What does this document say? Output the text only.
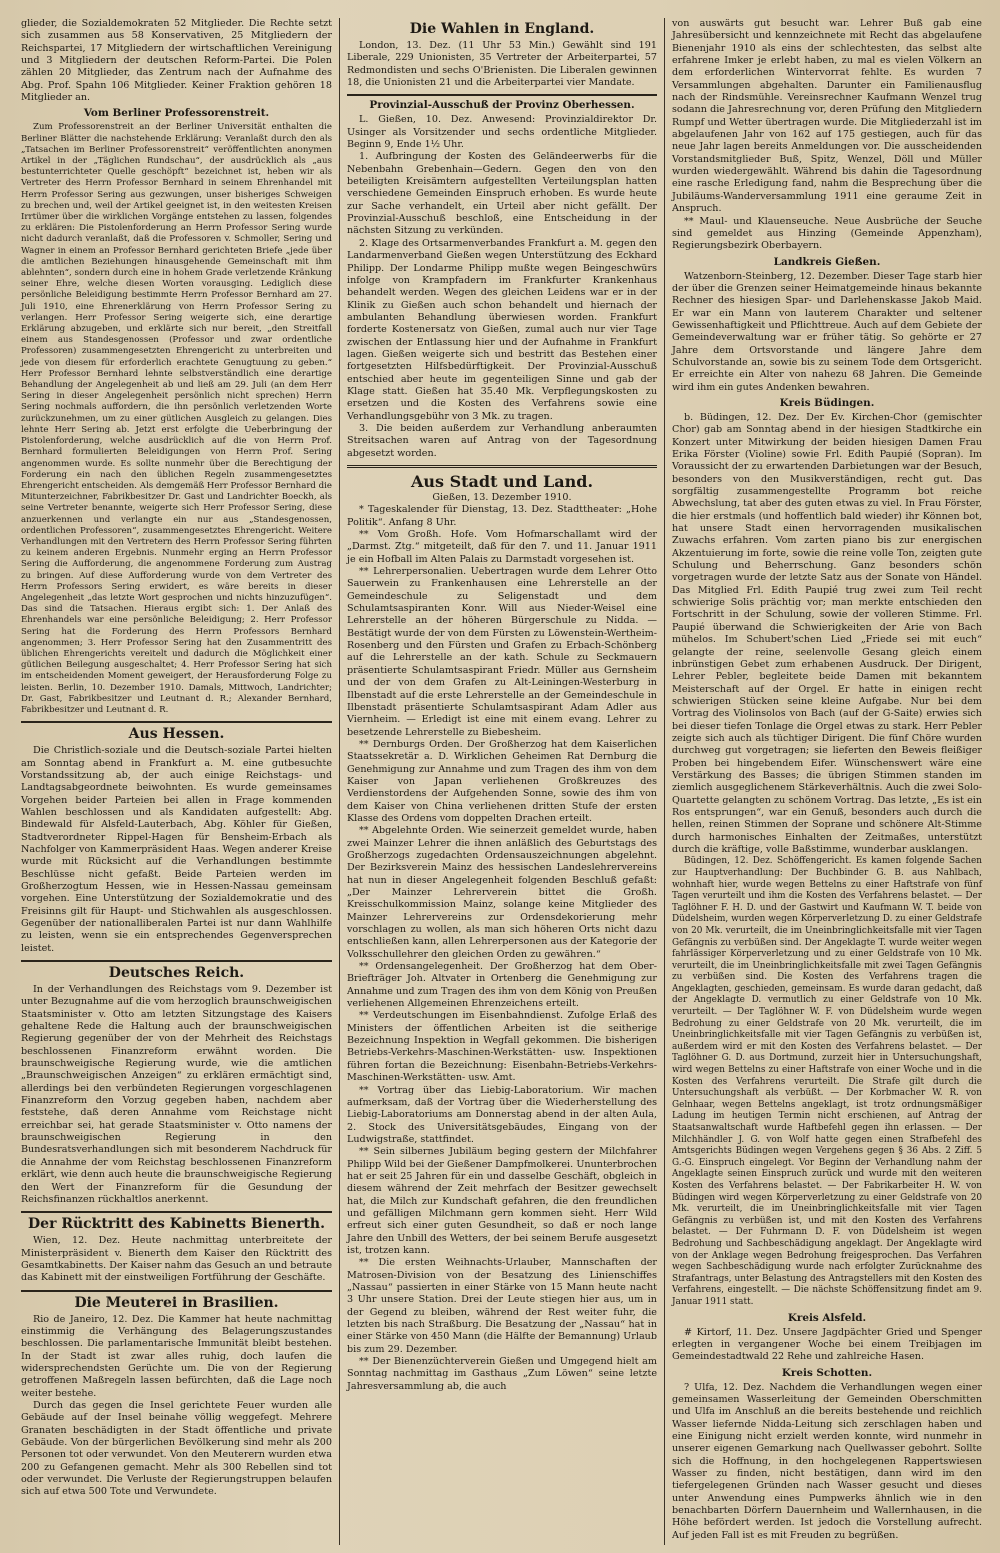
glieder, die Sozialdemokraten 52 Mitglieder. Die Rechte setzt sich zusammen aus 58 Konservativen, 25 Mitgliedern der Reichspartei, 17 Mitgliedern der wirtschaftlichen Vereinigung und 3 Mitgliedern der deutschen Reform-Partei. Die Polen zählen 20 Mitglieder, das Zentrum nach der Aufnahme des Abg. Prof. Spahn 106 Mitglieder. Keiner Fraktion gehören 18 Mitglieder an.

Vom Berliner Professorenstreit.

Zum Professorenstreit an der Berliner Universität enthalten die Berliner Blätter die nachstehende Erklärung: Veranlaßt durch den als „Tatsachen im Berliner Professorenstreit“ veröffentlichten anonymen Artikel in der „Täglichen Rundschau“, der ausdrücklich als „aus bestunterrichteter Quelle geschöpft“ bezeichnet ist, heben wir als Vertreter des Herrn Professor Bernhard in seinem Ehrenhandel mit Herrn Professor Sering aus gezwungen, unser bisheriges Schweigen zu brechen und, weil der Artikel geeignet ist, in den weitesten Kreisen Irrtümer über die wirklichen Vorgänge entstehen zu lassen, folgendes zu erklären: Die Pistolenforderung an Herrn Professor Sering wurde nicht dadurch veranlaßt, daß die Professoren v. Schmoller, Sering und Wagner in einem an Professor Bernhard gerichteten Briefe „jede über die amtlichen Beziehungen hinausgehende Gemeinschaft mit ihm ablehnten“, sondern durch eine in hohem Grade verletzende Kränkung seiner Ehre, welche diesen Worten vorausging. Lediglich diese persönliche Beleidigung bestimmte Herrn Professor Bernhard am 27. Juli 1910, eine Ehrenerklärung von Herrn Professor Sering zu verlangen. Herr Professor Sering weigerte sich, eine derartige Erklärung abzugeben, und erklärte sich nur bereit, „den Streitfall einem aus Standesgenossen (Professor und zwar ordentliche Professoren) zusammengesetzten Ehrengericht zu unterbreiten und jede von diesem für erforderlich erachtete Genugtuung zu geben.“ Herr Professor Bernhard lehnte selbstverständlich eine derartige Behandlung der Angelegenheit ab und ließ am 29. Juli (an dem Herr Sering in dieser Angelegenheit persönlich nicht sprechen) Herrn Sering nochmals auffordern, die ihn persönlich verletzenden Worte zurückzunehmen, um zu einer gütlichen Ausgleich zu gelangen. Dies lehnte Herr Sering ab. Jetzt erst erfolgte die Ueberbringung der Pistolenforderung, welche ausdrücklich auf die von Herrn Prof. Bernhard formulierten Beleidigungen von Herrn Prof. Sering angenommen wurde. Es sollte nunmehr über die Berechtigung der Forderung ein nach den üblichen Regeln zusammengesetztes Ehrengericht entscheiden. Als demgemäß Herr Professor Bernhard die Mitunterzeichner, Fabrikbesitzer Dr. Gast und Landrichter Boeckh, als seine Vertreter benannte, weigerte sich Herr Professor Sering, diese anzuerkennen und verlangte ein nur aus „Standesgenossen, ordentlichen Professoren“, zusammengesetztes Ehrengericht. Weitere Verhandlungen mit den Vertretern des Herrn Professor Sering führten zu keinem anderen Ergebnis. Nunmehr erging an Herrn Professor Sering die Aufforderung, die angenommene Forderung zum Austrag zu bringen. Auf diese Aufforderung wurde von dem Vertreter des Herrn Professors Sering erwidert, es wäre bereits in dieser Angelegenheit „das letzte Wort gesprochen und nichts hinzuzufügen“. Das sind die Tatsachen. Hieraus ergibt sich: 1. Der Anlaß des Ehrenhandels war eine persönliche Beleidigung; 2. Herr Professor Sering hat die Forderung des Herrn Professors Bernhard angenommen; 3. Herr Professor Sering hat den Zusammentritt des üblichen Ehrengerichts vereitelt und dadurch die Möglichkeit einer gütlichen Beilegung ausgeschaltet; 4. Herr Professor Sering hat sich im entscheidenden Moment geweigert, der Herausforderung Folge zu leisten. Berlin, 10. Dezember 1910. Damals, Mittwoch, Landrichter; Dr. Gast, Fabrikbesitzer und Leutnant d. R.; Alexander Bernhard, Fabrikbesitzer und Leutnant d. R.

Aus Hessen.

Die Christlich-soziale und die Deutsch-soziale Partei hielten am Sonntag abend in Frankfurt a. M. eine gutbesuchte Vorstandssitzung ab, der auch einige Reichstags- und Landtagsabgeordnete beiwohnten. Es wurde gemeinsames Vorgehen beider Parteien bei allen in Frage kommenden Wahlen beschlossen und als Kandidaten aufgestellt: Abg. Bindewald für Alsfeld-Lauterbach, Abg. Köhler für Gießen, Stadtverordneter Rippel-Hagen für Bensheim-Erbach als Nachfolger von Kammerpräsident Haas. Wegen anderer Kreise wurde mit Rücksicht auf die Verhandlungen bestimmte Beschlüsse nicht gefaßt. Beide Parteien werden im Großherzogtum Hessen, wie in Hessen-Nassau gemeinsam vorgehen. Eine Unterstützung der Sozialdemokratie und des Freisinns gilt für Haupt- und Stichwahlen als ausgeschlossen. Gegenüber der nationalliberalen Partei ist nur dann Wahlhilfe zu leisten, wenn sie ein entsprechendes Gegenversprechen leistet.

Deutsches Reich.

In der Verhandlungen des Reichstags vom 9. Dezember ist unter Bezugnahme auf die vom herzoglich braunschweigischen Staatsminister v. Otto am letzten Sitzungstage des Kaisers gehaltene Rede die Haltung auch der braunschweigischen Regierung gegenüber der von der Mehrheit des Reichstags beschlossenen Finanzreform erwähnt worden. Die braunschweigische Regierung wurde, wie die amtlichen „Braunschweigischen Anzeigen“ zu erklären ermächtigt sind, allerdings bei den verbündeten Regierungen vorgeschlagenen Finanzreform den Vorzug gegeben haben, nachdem aber feststehe, daß deren Annahme vom Reichstage nicht erreichbar sei, hat gerade Staatsminister v. Otto namens der braunschweigischen Regierung in den Bundesratsverhandlungen sich mit besonderem Nachdruck für die Annahme der vom Reichstag beschlossenen Finanzreform erklärt, wie denn auch heute die braunschweigische Regierung den Wert der Finanzreform für die Gesundung der Reichsfinanzen rückhaltlos anerkennt.

Der Rücktritt des Kabinetts Bienerth.

Wien, 12. Dez. Heute nachmittag unterbreitete der Ministerpräsident v. Bienerth dem Kaiser den Rücktritt des Gesamtkabinetts. Der Kaiser nahm das Gesuch an und betraute das Kabinett mit der einstweiligen Fortführung der Geschäfte.

Die Meuterei in Brasilien.

Rio de Janeiro, 12. Dez. Die Kammer hat heute nachmittag einstimmig die Verhängung des Belagerungszustandes beschlossen. Die parlamentarische Immunität bleibt bestehen. In der Stadt ist zwar alles ruhig, doch laufen die widersprechendsten Gerüchte um. Die von der Regierung getroffenen Maßregeln lassen befürchten, daß die Lage noch weiter bestehe.

Durch das gegen die Insel gerichtete Feuer wurden alle Gebäude auf der Insel beinahe völlig weggefegt. Mehrere Granaten beschädigten in der Stadt öffentliche und private Gebäude. Von der bürgerlichen Bevölkerung sind mehr als 200 Personen tot oder verwundet. Von den Meuterern wurden etwa 200 zu Gefangenen gemacht. Mehr als 300 Rebellen sind tot oder verwundet. Die Verluste der Regierungstruppen belaufen sich auf etwa 500 Tote und Verwundete.

Die Wahlen in England.

London, 13. Dez. (11 Uhr 53 Min.) Gewählt sind 191 Liberale, 229 Unionisten, 35 Vertreter der Arbeiterpartei, 57 Redmondisten und sechs O'Brienisten. Die Liberalen gewinnen 18, die Unionisten 21 und die Arbeiterpartei vier Mandate.

Provinzial-Ausschuß der Provinz Oberhessen.

L. Gießen, 10. Dez. Anwesend: Provinzialdirektor Dr. Usinger als Vorsitzender und sechs ordentliche Mitglieder. Beginn 9, Ende 1½ Uhr.

1. Aufbringung der Kosten des Geländeerwerbs für die Nebenbahn Grebenhain—Gedern. Gegen den von den beteiligten Kreisämtern aufgestellten Verteilungsplan hatten verschiedene Gemeinden Einspruch erhoben. Es wurde heute zur Sache verhandelt, ein Urteil aber nicht gefällt. Der Provinzial-Ausschuß beschloß, eine Entscheidung in der nächsten Sitzung zu verkünden.

2. Klage des Ortsarmenverbandes Frankfurt a. M. gegen den Landarmenverband Gießen wegen Unterstützung des Eckhard Philipp. Der Londarme Philipp mußte wegen Beingeschwürs infolge von Krampfadern im Frankfurter Krankenhaus behandelt werden. Wegen des gleichen Leidens war er in der Klinik zu Gießen auch schon behandelt und hiernach der ambulanten Behandlung überwiesen worden. Frankfurt forderte Kostenersatz von Gießen, zumal auch nur vier Tage zwischen der Entlassung hier und der Aufnahme in Frankfurt lagen. Gießen weigerte sich und bestritt das Bestehen einer fortgesetzten Hilfsbedürftigkeit. Der Provinzial-Ausschuß entschied aber heute im gegenteiligen Sinne und gab der Klage statt. Gießen hat 35.40 Mk. Verpflegungskosten zu ersetzen und die Kosten des Verfahrens sowie eine Verhandlungsgebühr von 3 Mk. zu tragen.

3. Die beiden außerdem zur Verhandlung anberaumten Streitsachen waren auf Antrag von der Tagesordnung abgesetzt worden.

Aus Stadt und Land.

Gießen, 13. Dezember 1910.

* Tageskalender für Dienstag, 13. Dez. Stadttheater: „Hohe Politik“. Anfang 8 Uhr.

** Vom Großh. Hofe. Vom Hofmarschallamt wird der „Darmst. Ztg.“ mitgeteilt, daß für den 7. und 11. Januar 1911 je ein Hofball im Alten Palais zu Darmstadt vorgesehen ist.

** Lehrerpersonalien. Uebertragen wurde dem Lehrer Otto Sauerwein zu Frankenhausen eine Lehrerstelle an der Gemeindeschule zu Seligenstadt und dem Schulamtsaspiranten Konr. Will aus Nieder-Weisel eine Lehrerstelle an der höheren Bürgerschule zu Nidda. — Bestätigt wurde der von dem Fürsten zu Löwenstein-Wertheim-Rosenberg und den Fürsten und Grafen zu Erbach-Schönberg auf die Lehrerstelle an der kath. Schule zu Seckmauern präsentierte Schulamtsaspirant Friedr. Müller aus Gernsheim und der von dem Grafen zu Alt-Leiningen-Westerburg in Ilbenstadt auf die erste Lehrerstelle an der Gemeindeschule in Ilbenstadt präsentierte Schulamtsaspirant Adam Adler aus Viernheim. — Erledigt ist eine mit einem evang. Lehrer zu besetzende Lehrerstelle zu Biebesheim.

** Dernburgs Orden. Der Großherzog hat dem Kaiserlichen Staatssekretär a. D. Wirklichen Geheimen Rat Dernburg die Genehmigung zur Annahme und zum Tragen des ihm von dem Kaiser von Japan verliehenen Großkreuzes des Verdienstordens der Aufgehenden Sonne, sowie des ihm von dem Kaiser von China verliehenen dritten Stufe der ersten Klasse des Ordens vom doppelten Drachen erteilt.

** Abgelehnte Orden. Wie seinerzeit gemeldet wurde, haben zwei Mainzer Lehrer die ihnen anläßlich des Geburtstags des Großherzogs zugedachten Ordensauszeichnungen abgelehnt. Der Bezirksverein Mainz des hessischen Landeslehrervereins hat nun in dieser Angelegenheit folgenden Beschluß gefaßt: „Der Mainzer Lehrerverein bittet die Großh. Kreisschulkommission Mainz, solange keine Mitglieder des Mainzer Lehrervereins zur Ordensdekorierung mehr vorschlagen zu wollen, als man sich höheren Orts nicht dazu entschließen kann, allen Lehrerpersonen aus der Kategorie der Volksschullehrer den gleichen Orden zu gewähren.“

** Ordensangelegenheit. Der Großherzog hat dem Ober-Briefträger Joh. Altvater in Ortenberg die Genehmigung zur Annahme und zum Tragen des ihm von dem König von Preußen verliehenen Allgemeinen Ehrenzeichens erteilt.

** Verdeutschungen im Eisenbahndienst. Zufolge Erlaß des Ministers der öffentlichen Arbeiten ist die seitherige Bezeichnung Inspektion in Wegfall gekommen. Die bisherigen Betriebs-Verkehrs-Maschinen-Werkstätten- usw. Inspektionen führen fortan die Bezeichnung: Eisenbahn-Betriebs-Verkehrs-Maschinen-Werkstätten- usw. Amt.

** Vortrag über das Liebig-Laboratorium. Wir machen aufmerksam, daß der Vortrag über die Wiederherstellung des Liebig-Laboratoriums am Donnerstag abend in der alten Aula, 2. Stock des Universitätsgebäudes, Eingang von der Ludwigstraße, stattfindet.

** Sein silbernes Jubiläum beging gestern der Milchfahrer Philipp Wild bei der Gießener Dampfmolkerei. Ununterbrochen hat er seit 25 Jahren für ein und dasselbe Geschäft, obgleich in diesem während der Zeit mehrfach der Besitzer gewechselt hat, die Milch zur Kundschaft gefahren, die den freundlichen und gefälligen Milchmann gern kommen sieht. Herr Wild erfreut sich einer guten Gesundheit, so daß er noch lange Jahre den Unbill des Wetters, der bei seinem Berufe ausgesetzt ist, trotzen kann.

** Die ersten Weihnachts-Urlauber, Mannschaften der Matrosen-Division von der Besatzung des Linienschiffes „Nassau“ passierten in einer Stärke von 15 Mann heute nacht 3 Uhr unsere Station. Drei der Leute stiegen hier aus, um in der Gegend zu bleiben, während der Rest weiter fuhr, die letzten bis nach Straßburg. Die Besatzung der „Nassau“ hat in einer Stärke von 450 Mann (die Hälfte der Bemannung) Urlaub bis zum 29. Dezember.

** Der Bienenzüchterverein Gießen und Umgegend hielt am Sonntag nachmittag im Gasthaus „Zum Löwen“ seine letzte Jahresversammlung ab, die auch

von auswärts gut besucht war. Lehrer Buß gab eine Jahresübersicht und kennzeichnete mit Recht das abgelaufene Bienenjahr 1910 als eins der schlechtesten, das selbst alte erfahrene Imker je erlebt haben, zu mal es vielen Völkern an dem erforderlichen Wintervorrat fehlte. Es wurden 7 Versammlungen abgehalten. Darunter ein Familienausflug nach der Rindsmühle. Vereinsrechner Kaufmann Wenzel trug sodann die Jahresrechnung vor, deren Prüfung den Mitgliedern Rumpf und Wetter übertragen wurde. Die Mitgliederzahl ist im abgelaufenen Jahr von 162 auf 175 gestiegen, auch für das neue Jahr lagen bereits Anmeldungen vor. Die ausscheidenden Vorstandsmitglieder Buß, Spitz, Wenzel, Döll und Müller wurden wiedergewählt. Während bis dahin die Tagesordnung eine rasche Erledigung fand, nahm die Besprechung über die Jubiläums-Wanderversammlung 1911 eine geraume Zeit in Anspruch.

** Maul- und Klauenseuche. Neue Ausbrüche der Seuche sind gemeldet aus Hinzing (Gemeinde Appenzham), Regierungsbezirk Oberbayern.

Landkreis Gießen.

Watzenborn-Steinberg, 12. Dezember. Dieser Tage starb hier der über die Grenzen seiner Heimatgemeinde hinaus bekannte Rechner des hiesigen Spar- und Darlehenskasse Jakob Maid. Er war ein Mann von lauterem Charakter und seltener Gewissenhaftigkeit und Pflichttreue. Auch auf dem Gebiete der Gemeindeverwaltung war er früher tätig. So gehörte er 27 Jahre dem Ortsvorstande und längere Jahre dem Schulvorstande an, sowie bis zu seinem Tode dem Ortsgericht. Er erreichte ein Alter von nahezu 68 Jahren. Die Gemeinde wird ihm ein gutes Andenken bewahren.

Kreis Büdingen.

b. Büdingen, 12. Dez. Der Ev. Kirchen-Chor (gemischter Chor) gab am Sonntag abend in der hiesigen Stadtkirche ein Konzert unter Mitwirkung der beiden hiesigen Damen Frau Erika Förster (Violine) sowie Frl. Edith Paupié (Sopran). Im Voraussicht der zu erwartenden Darbietungen war der Besuch, besonders von den Musikverständigen, recht gut. Das sorgfältig zusammengestellte Programm bot reiche Abwechslung, tat aber des guten etwas zu viel. In Frau Förster, die hier erstmals (und hoffentlich bald wieder) ihr Können bot, hat unsere Stadt einen hervorragenden musikalischen Zuwachs erfahren. Vom zarten piano bis zur energischen Akzentuierung im forte, sowie die reine volle Ton, zeigten gute Schulung und Beherrschung. Ganz besonders schön vorgetragen wurde der letzte Satz aus der Sonate von Händel. Das Mitglied Frl. Edith Paupié trug zwei zum Teil recht schwierige Solis prächtig vor; man merkte entschieden den Fortschritt in der Schulung, sowie der volleren Stimme. Frl. Paupié überwand die Schwierigkeiten der Arie von Bach mühelos. Im Schubert'schen Lied „Friede sei mit euch“ gelangte der reine, seelenvolle Gesang gleich einem inbrünstigen Gebet zum erhabenen Ausdruck. Der Dirigent, Lehrer Pebler, begleitete beide Damen mit bekanntem Meisterschaft auf der Orgel. Er hatte in einigen recht schwierigen Stücken seine kleine Aufgabe. Nur bei dem Vortrag des Violinsolos von Bach (auf der G-Saite) erwies sich bei dieser tiefen Tonlage die Orgel etwas zu stark. Herr Pebler zeigte sich auch als tüchtiger Dirigent. Die fünf Chöre wurden durchweg gut vorgetragen; sie lieferten den Beweis fleißiger Proben bei hingebendem Eifer. Wünschenswert wäre eine Verstärkung des Basses; die übrigen Stimmen standen im ziemlich ausgeglichenem Stärkeverhältnis. Auch die zwei Solo-Quartette gelangten zu schönem Vortrag. Das letzte, „Es ist ein Ros entsprungen“, war ein Genuß, besonders auch durch die hellen, reinen Stimmen der Soprane und schönere Alt-Stimme durch harmonisches Einhalten der Zeitmaßes, unterstützt durch die kräftige, volle Baßstimme, wunderbar ausklangen.

Büdingen, 12. Dez. Schöffengericht. Es kamen folgende Sachen zur Hauptverhandlung: Der Buchbinder G. B. aus Nahlbach, wohnhaft hier, wurde wegen Bettelns zu einer Haftstrafe von fünf Tagen verurteilt und ihm die Kosten des Verfahrens belastet. — Der Taglöhner F. H. D. und der Gastwirt und Kaufmann W. T. beide von Düdelsheim, wurden wegen Körperverletzung D. zu einer Geldstrafe von 20 Mk. verurteilt, die im Uneinbringlichkeitsfalle mit vier Tagen Gefängnis zu verbüßen sind. Der Angeklagte T. wurde weiter wegen fahrlässiger Körperverletzung und zu einer Geldstrafe von 10 Mk. verurteilt, die im Uneinbringlichkeitsfalle mit zwei Tagen Gefängnis zu verbüßen sind. Die Kosten des Verfahrens tragen die Angeklagten, geschieden, gemeinsam. Es wurde daran gedacht, daß der Angeklagte D. vermutlich zu einer Geldstrafe von 10 Mk. verurteilt. — Der Taglöhner W. F. von Düdelsheim wurde wegen Bedrohung zu einer Geldstrafe von 20 Mk. verurteilt, die im Uneinbringlichkeitsfalle mit vier Tagen Gefängnis zu verbüßen ist, außerdem wird er mit den Kosten des Verfahrens belastet. — Der Taglöhner G. D. aus Dortmund, zurzeit hier in Untersuchungshaft, wird wegen Bettelns zu einer Haftstrafe von einer Woche und in die Kosten des Verfahrens verurteilt. Die Strafe gilt durch die Untersuchungshaft als verbüßt. — Der Korbmacher W. R. von Gelnhaar, wegen Bettelns angeklagt, ist trotz ordnungsmäßiger Ladung im heutigen Termin nicht erschienen, auf Antrag der Staatsanwaltschaft wurde Haftbefehl gegen ihn erlassen. — Der Milchhändler J. G. von Wolf hatte gegen einen Strafbefehl des Amtsgerichts Büdingen wegen Vergehens gegen § 36 Abs. 2 Ziff. 5 G.-G. Einspruch eingelegt. Vor Beginn der Verhandlung nahm der Angeklagte seinen Einspruch zurück und wurde mit den weiteren Kosten des Verfahrens belastet. — Der Fabrikarbeiter H. W. von Büdingen wird wegen Körperverletzung zu einer Geldstrafe von 20 Mk. verurteilt, die im Uneinbringlichkeitsfalle mit vier Tagen Gefängnis zu verbüßen ist, und mit den Kosten des Verfahrens belastet. — Der Fuhrmann D. F. von Düdelsheim ist wegen Bedrohung und Sachbeschädigung angeklagt. Der Angeklagte wird von der Anklage wegen Bedrohung freigesprochen. Das Verfahren wegen Sachbeschädigung wurde nach erfolgter Zurücknahme des Strafantrags, unter Belastung des Antragstellers mit den Kosten des Verfahrens, eingestellt. — Die nächste Schöffensitzung findet am 9. Januar 1911 statt.

Kreis Alsfeld.

# Kirtorf, 11. Dez. Unsere Jagdpächter Gried und Spenger erlegten in vergangener Woche bei einem Treibjagen im Gemeindestadtwald 22 Rehe und zahlreiche Hasen.

Kreis Schotten.

? Ulfa, 12. Dez. Nachdem die Verhandlungen wegen einer gemeinsamen Wasserleitung der Gemeinden Oberschmitten und Ulfa im Anschluß an die bereits bestehende und reichlich Wasser liefernde Nidda-Leitung sich zerschlagen haben und eine Einigung nicht erzielt werden konnte, wird nunmehr in unserer eigenen Gemarkung nach Quellwasser gebohrt. Sollte sich die Hoffnung, in den hochgelegenen Rappertswiesen Wasser zu finden, nicht bestätigen, dann wird im den tiefergelegenen Gründen nach Wasser gesucht und dieses unter Anwendung eines Pumpwerks ähnlich wie in den benachbarten Dörfern Dauernheim und Wallernhausen, in die Höhe befördert werden. Ist jedoch die Vorstellung aufrecht. Auf jeden Fall ist es mit Freuden zu begrüßen.
